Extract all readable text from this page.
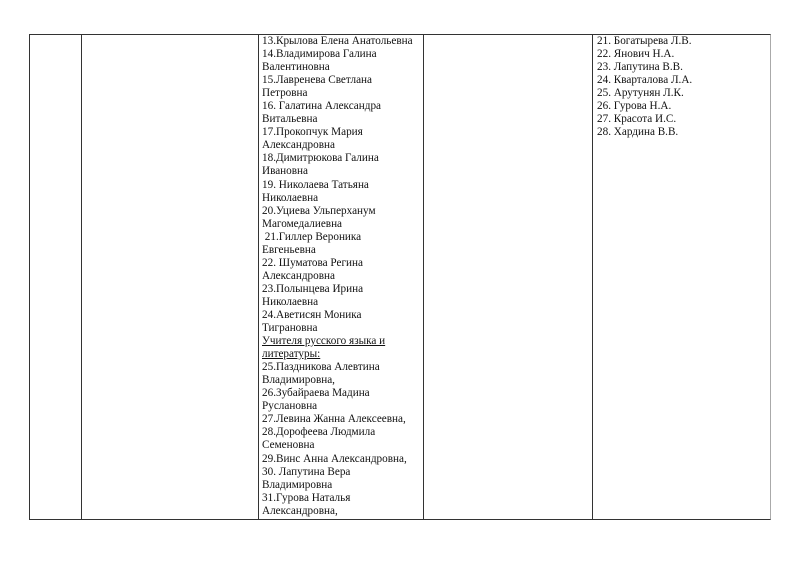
13.Крылова Елена Анатольевна
14.Владимирова Галина
Валентиновна
15.Лавренева Светлана
Петровна
16. Галатина Александра
Витальевна
17.Прокопчук Мария
Александровна
18.Димитрюкова Галина
Ивановна
19. Николаева Татьяна
Николаевна
20.Уциева Ульперханум
Магомедалиевна
21.Гиллер Вероника
Евгеньевна
22. Шуматова Регина
Александровна
23.Полынцева Ирина
Николаевна
24.Аветисян Моника
Тиграновна
Учителя русского языка и
литературы:
25.Паздникова Алевтина
Владимировна,
26.Зубайраева Мадина
Руслановна
27.Левина Жанна Алексеевна,
28.Дорофеева Людмила
Семеновна
29.Винс Анна Александровна,
30. Лапутина Вера
Владимировна
31.Гурова Наталья
Александровна,
21. Богатырева Л.В.
22. Янович Н.А.
23. Лапутина В.В.
24. Кварталова Л.А.
25. Арутунян Л.К.
26. Гурова Н.А.
27. Красота И.С.
28. Хардина В.В.
